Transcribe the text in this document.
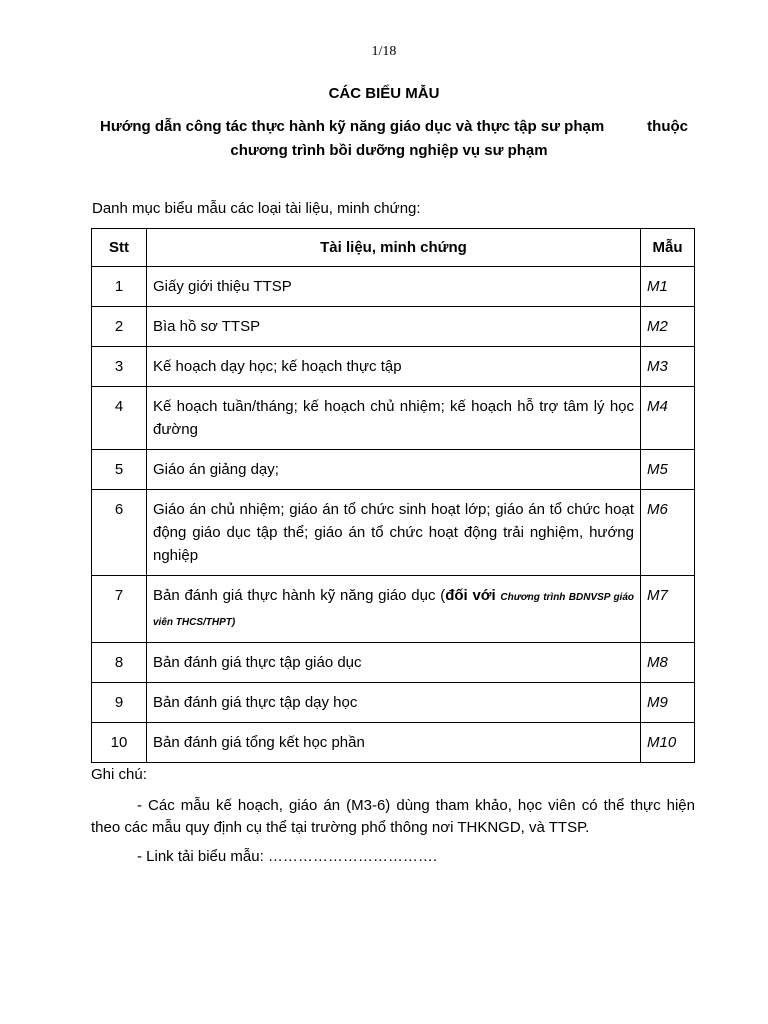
1/18
CÁC BIỂU MẪU
Hướng dẫn công tác thực hành kỹ năng giáo dục và thực tập sư phạm	thuộc
chương trình bồi dưỡng nghiệp vụ sư phạm
Danh mục biểu mẫu các loại tài liệu, minh chứng:
Stt	Tài liệu, minh chứng	Mẫu
1	Giấy giới thiệu TTSP	M1
2	Bìa hồ sơ TTSP	M2
3	Kế hoạch dạy học; kế hoạch thực tập	M3
4	Kế hoạch tuần/tháng; kế hoạch chủ nhiệm; kế hoạch hỗ trợ tâm lý học đường	M4
5	Giáo án giảng dạy;	M5
6	Giáo án chủ nhiệm; giáo án tổ chức sinh hoạt lớp; giáo án tổ chức hoạt động giáo dục tập thể; giáo án tổ chức hoạt động trải nghiệm, hướng nghiệp	M6
7	Bản đánh giá thực hành kỹ năng giáo dục (đối với Chương trình BDNVSP giáo viên THCS/THPT)	M7
8	Bản đánh giá thực tập giáo dục	M8
9	Bản đánh giá thực tập dạy học	M9
10	Bản đánh giá tổng kết học phần	M10

Ghi chú:

- Các mẫu kế hoạch, giáo án (M3-6) dùng tham khảo, học viên có thể thực hiện theo các mẫu quy định cụ thể tại trường phổ thông nơi THKNGD, và TTSP.

- Link tải biểu mẫu: …………………………….
